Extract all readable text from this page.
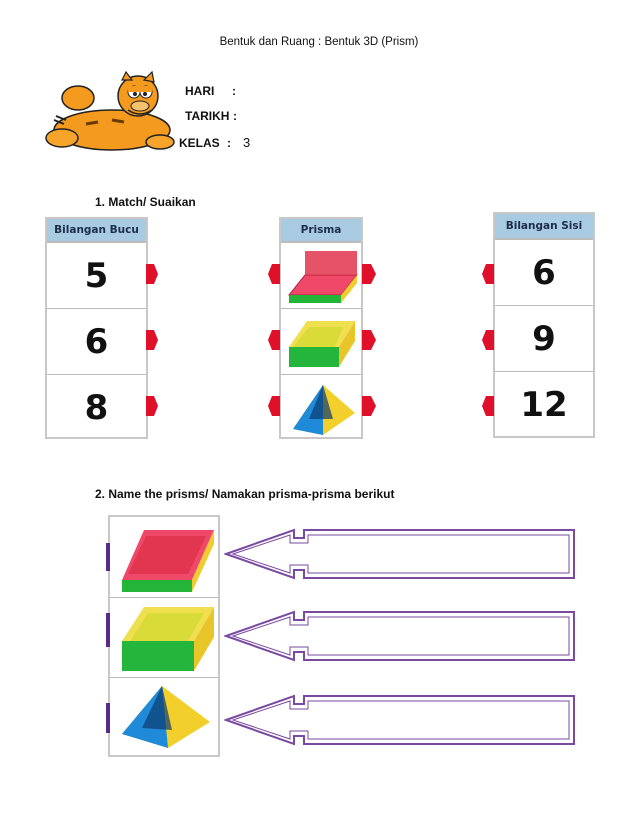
Bentuk dan Ruang : Bentuk 3D (Prism)
HARI :
TARIKH :
KELAS : 3
1. Match/ Suaikan
Bilangan Bucu
5
6
8
Prisma	Bilangan Sisi
6
9
12
2. Name the prisms/ Namakan prisma-prisma berikut
